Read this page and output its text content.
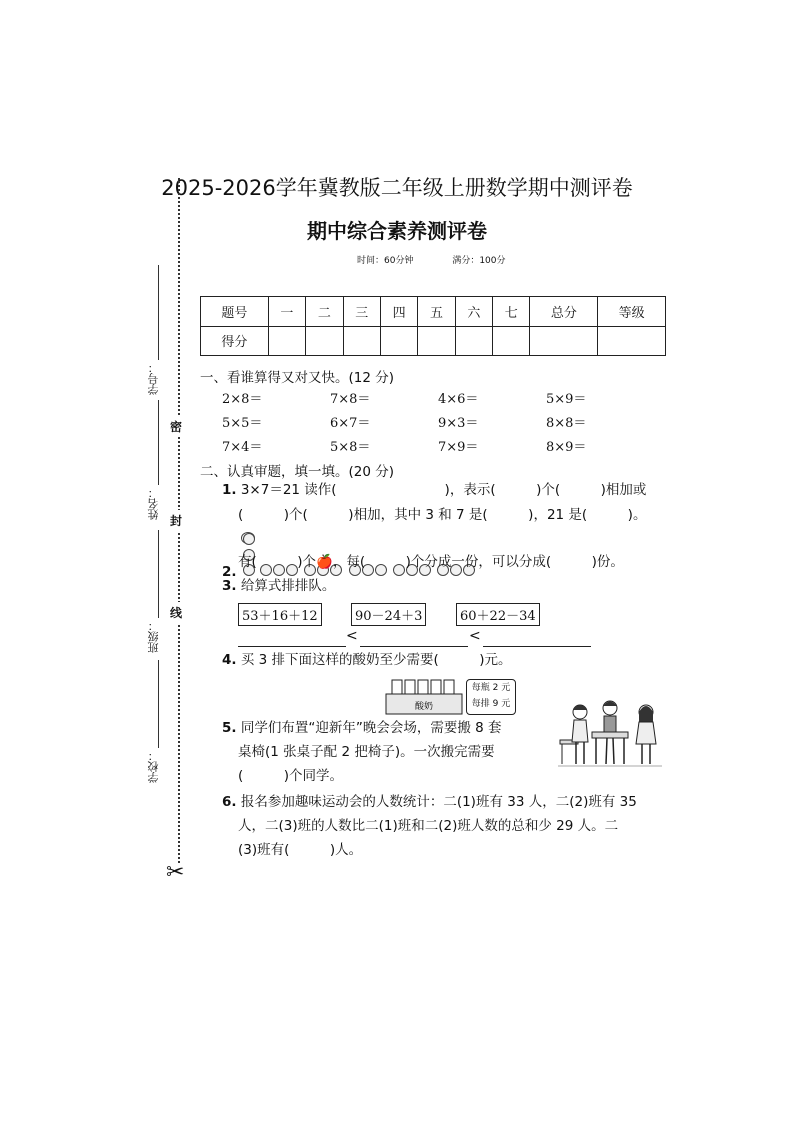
2025-2026学年冀教版二年级上册数学期中测评卷
期中综合素养测评卷
时间：60分钟	满分：100分
学号：
姓名：
班级：
学校：
密
封
线
✂
题号	一	二	三	四	五	六	七	总分	等级
得分									
一、看谁算得又对又快。(12 分)
2×8＝	7×8＝	4×6＝	5×9＝
5×5＝	6×7＝	9×3＝	8×8＝
7×4＝	5×8＝	7×9＝	8×9＝
二、认真审题，填一填。(20 分)
1. 3×7＝21 读作(　　　　　　　　)，表示(　　　)个(　　　)相加或
(　　　)个(　　　)相加，其中 3 和 7 是(　　　)，21 是(　　　)。
2.
有(　　　)个🍎，每(　　　)个分成一份，可以分成(　　　)份。
3. 给算式排排队。
53＋16＋12	90－24＋3	60＋22－34
<	<
4. 买 3 排下面这样的酸奶至少需要(　　　)元。
酸奶
每瓶 2 元
每排 9 元
5. 同学们布置“迎新年”晚会会场，需要搬 8 套
桌椅(1 张桌子配 2 把椅子)。一次搬完需要
(　　　)个同学。
6. 报名参加趣味运动会的人数统计：二(1)班有 33 人，二(2)班有 35
人，二(3)班的人数比二(1)班和二(2)班人数的总和少 29 人。二
(3)班有(　　　)人。
